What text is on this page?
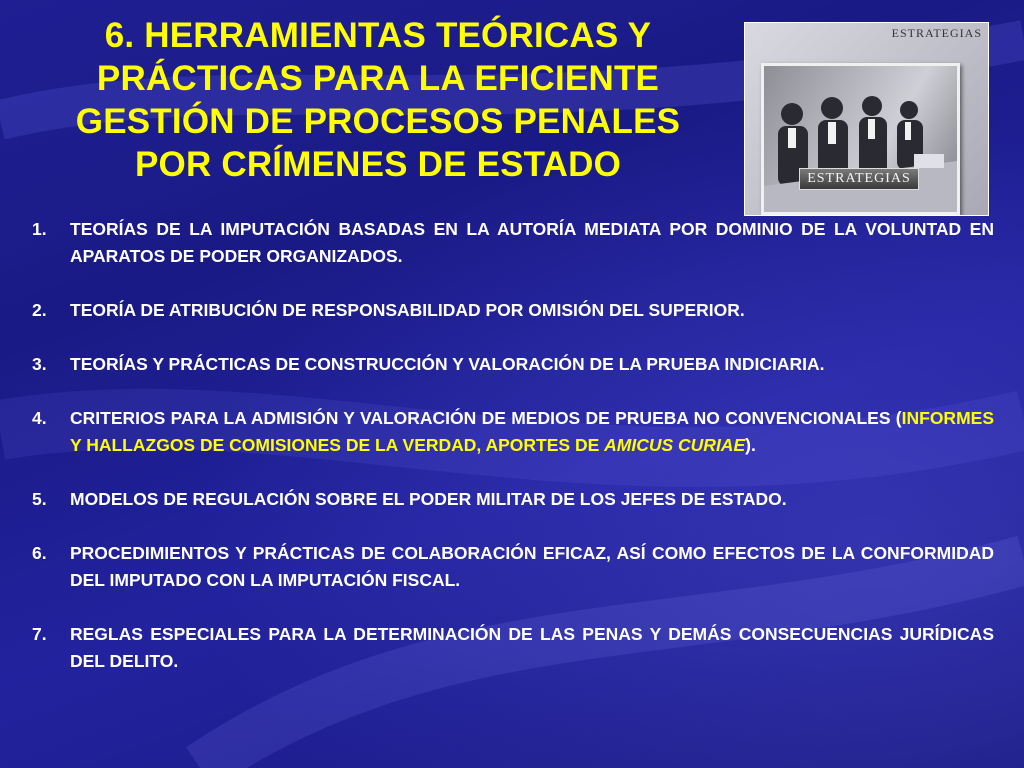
6. HERRAMIENTAS TEÓRICAS Y
PRÁCTICAS PARA LA EFICIENTE
GESTIÓN DE PROCESOS PENALES
POR CRÍMENES DE ESTADO
ESTRATEGIAS
ESTRATEGIAS
1. TEORÍAS DE LA IMPUTACIÓN BASADAS EN LA AUTORÍA MEDIATA POR DOMINIO DE LA VOLUNTAD EN APARATOS DE PODER ORGANIZADOS.
2. TEORÍA DE ATRIBUCIÓN DE RESPONSABILIDAD POR OMISIÓN DEL SUPERIOR.
3. TEORÍAS Y PRÁCTICAS DE CONSTRUCCIÓN Y VALORACIÓN DE LA PRUEBA INDICIARIA.
4. CRITERIOS PARA LA ADMISIÓN Y VALORACIÓN DE MEDIOS DE PRUEBA NO CONVENCIONALES (INFORMES Y HALLAZGOS DE COMISIONES DE LA VERDAD, APORTES DE AMICUS CURIAE).
5. MODELOS DE REGULACIÓN SOBRE EL PODER MILITAR DE LOS JEFES DE ESTADO.
6. PROCEDIMIENTOS Y PRÁCTICAS DE COLABORACIÓN EFICAZ, ASÍ COMO EFECTOS DE LA CONFORMIDAD DEL IMPUTADO CON LA IMPUTACIÓN FISCAL.
7. REGLAS ESPECIALES PARA LA DETERMINACIÓN DE LAS PENAS Y DEMÁS CONSECUENCIAS JURÍDICAS DEL DELITO.
